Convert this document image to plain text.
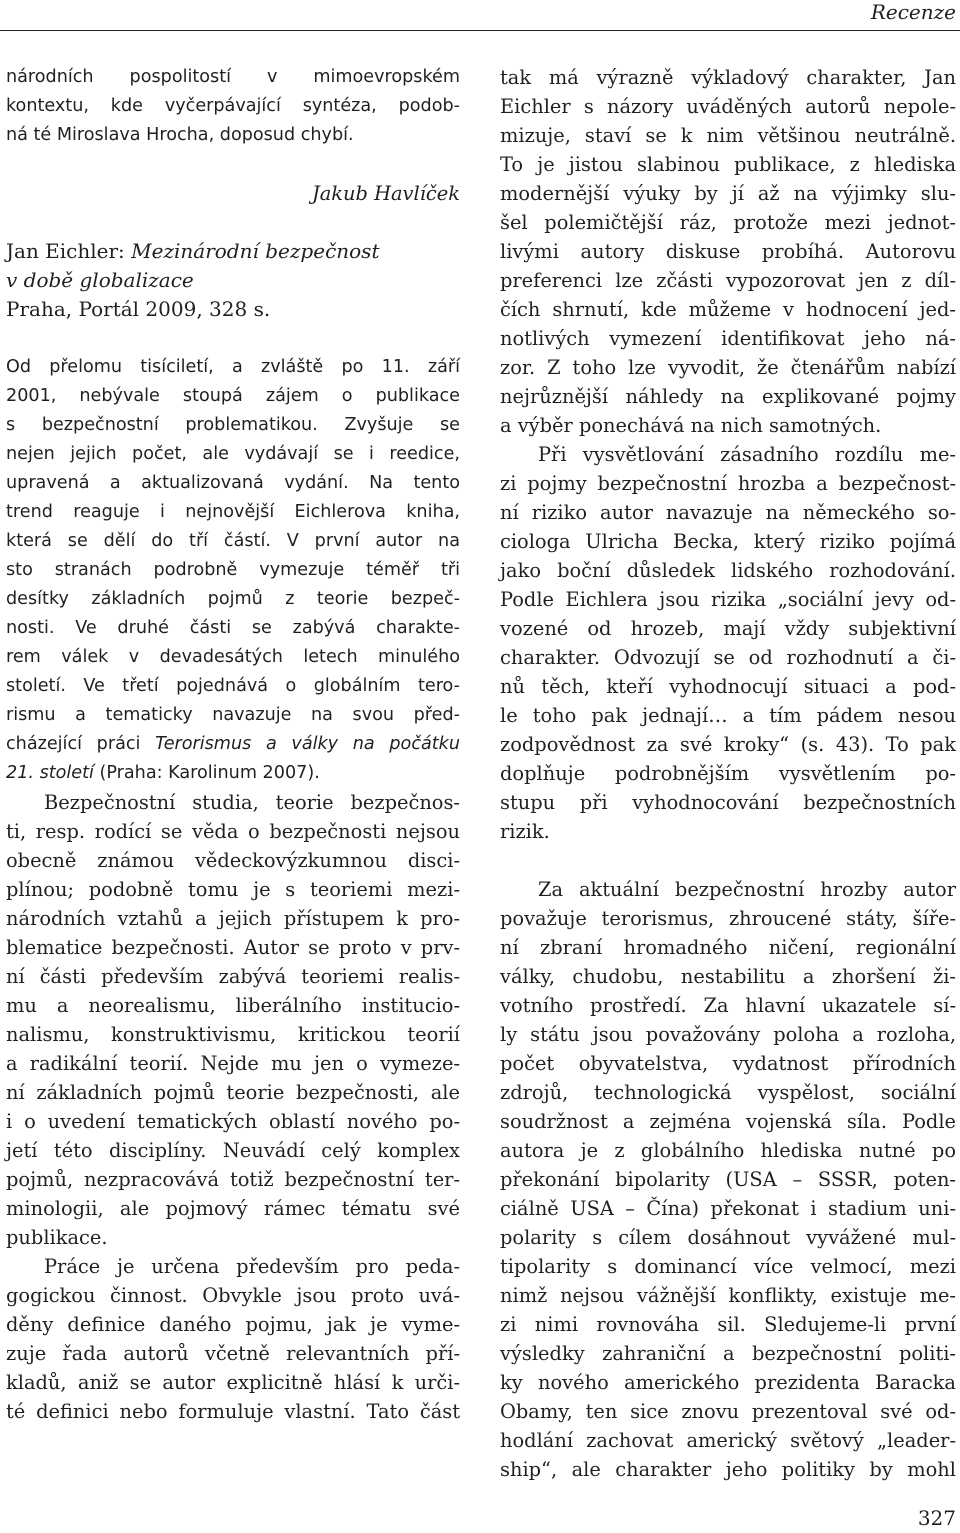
Recenze
národních pospolitostí v mimoevropském
kontextu, kde vyčerpávající syntéza, podob-
ná té Miroslava Hrocha, doposud chybí.
Jakub Havlíček
Jan Eichler: Mezinárodní bezpečnost
v době globalizace
Praha, Portál 2009, 328 s.
Od přelomu tisíciletí, a zvláště po 11. září
2001, nebývale stoupá zájem o publikace
s bezpečnostní problematikou. Zvyšuje se
nejen jejich počet, ale vydávají se i reedice,
upravená a aktualizovaná vydání. Na tento
trend reaguje i nejnovější Eichlerova kniha,
která se dělí do tří částí. V první autor na
sto stranách podrobně vymezuje téměř tři
desítky základních pojmů z teorie bezpeč-
nosti. Ve druhé části se zabývá charakte-
rem válek v devadesátých letech minulého
století. Ve třetí pojednává o globálním tero-
rismu a tematicky navazuje na svou před-
cházející práci Terorismus a války na počátku
21. století (Praha: Karolinum 2007).
Bezpečnostní studia, teorie bezpečnos-
ti, resp. rodící se věda o bezpečnosti nejsou
obecně známou vědeckovýzkumnou disci-
plínou; podobně tomu je s teoriemi mezi-
národních vztahů a jejich přístupem k pro-
blematice bezpečnosti. Autor se proto v prv-
ní části především zabývá teoriemi realis-
mu a neorealismu, liberálního institucio-
nalismu, konstruktivismu, kritickou teorií
a radikální teorií. Nejde mu jen o vymeze-
ní základních pojmů teorie bezpečnosti, ale
i o uvedení tematických oblastí nového po-
jetí této disciplíny. Neuvádí celý komplex
pojmů, nezpracovává totiž bezpečnostní ter-
minologii, ale pojmový rámec tématu své
publikace.
Práce je určena především pro peda-
gogickou činnost. Obvykle jsou proto uvá-
děny definice daného pojmu, jak je vyme-
zuje řada autorů včetně relevantních pří-
kladů, aniž se autor explicitně hlásí k urči-
té definici nebo formuluje vlastní. Tato část
tak má výrazně výkladový charakter, Jan
Eichler s názory uváděných autorů nepole-
mizuje, staví se k nim většinou neutrálně.
To je jistou slabinou publikace, z hlediska
modernější výuky by jí až na výjimky slu-
šel polemičtější ráz, protože mezi jednot-
livými autory diskuse probíhá. Autorovu
preferenci lze zčásti vypozorovat jen z díl-
čích shrnutí, kde můžeme v hodnocení jed-
notlivých vymezení identifikovat jeho ná-
zor. Z toho lze vyvodit, že čtenářům nabízí
nejrůznější náhledy na explikované pojmy
a výběr ponechává na nich samotných.
Při vysvětlování zásadního rozdílu me-
zi pojmy bezpečnostní hrozba a bezpečnost-
ní riziko autor navazuje na německého so-
ciologa Ulricha Becka, který riziko pojímá
jako boční důsledek lidského rozhodování.
Podle Eichlera jsou rizika „sociální jevy od-
vozené od hrozeb, mají vždy subjektivní
charakter. Odvozují se od rozhodnutí a či-
nů těch, kteří vyhodnocují situaci a pod-
le toho pak jednají… a tím pádem nesou
zodpovědnost za své kroky“ (s. 43). To pak
doplňuje podrobnějším vysvětlením po-
stupu při vyhodnocování bezpečnostních
rizik.
Za aktuální bezpečnostní hrozby autor
považuje terorismus, zhroucené státy, šíře-
ní zbraní hromadného ničení, regionální
války, chudobu, nestabilitu a zhoršení ži-
votního prostředí. Za hlavní ukazatele sí-
ly státu jsou považovány poloha a rozloha,
počet obyvatelstva, vydatnost přírodních
zdrojů, technologická vyspělost, sociální
soudržnost a zejména vojenská síla. Podle
autora je z globálního hlediska nutné po
překonání bipolarity (USA – SSSR, poten-
ciálně USA – Čína) překonat i stadium uni-
polarity s cílem dosáhnout vyvážené mul-
tipolarity s dominancí více velmocí, mezi
nimž nejsou vážnější konflikty, existuje me-
zi nimi rovnováha sil. Sledujeme-li první
výsledky zahraniční a bezpečnostní politi-
ky nového amerického prezidenta Baracka
Obamy, ten sice znovu prezentoval své od-
hodlání zachovat americký světový „leader-
ship“, ale charakter jeho politiky by mohl
327
